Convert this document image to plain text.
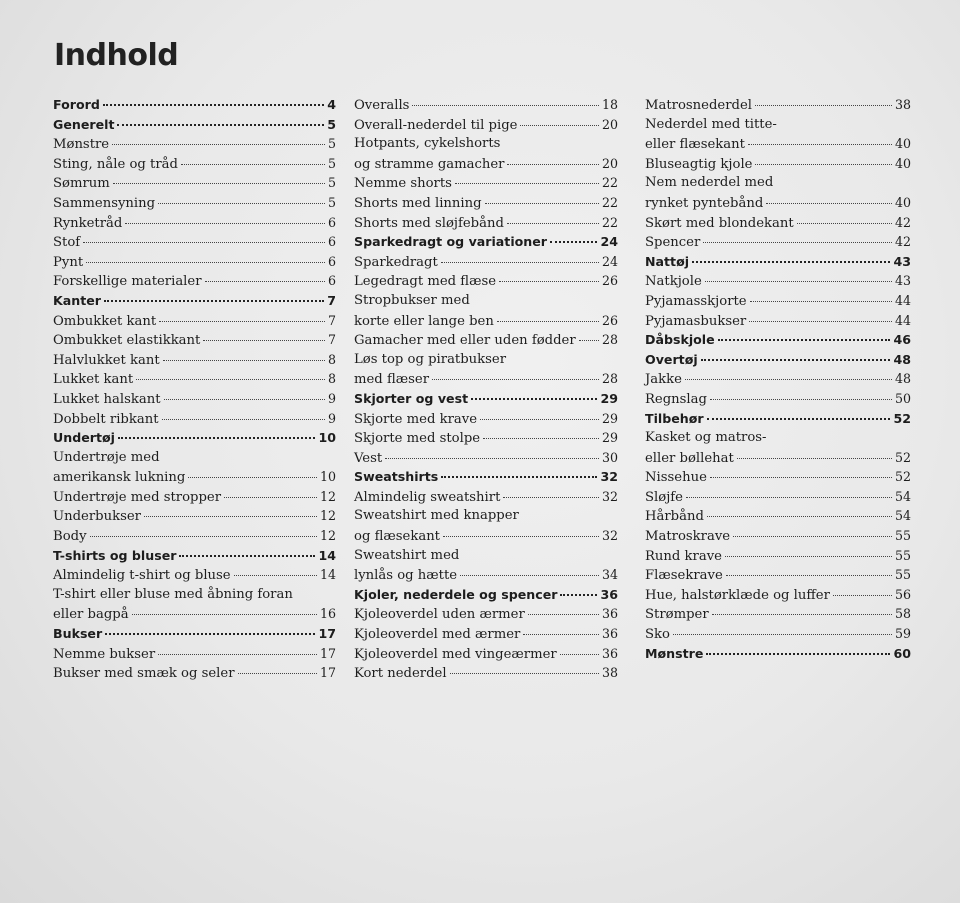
Indhold
Forord	4
Generelt	5
Mønstre	5
Sting, nåle og tråd	5
Sømrum	5
Sammensyning	5
Rynketråd	6
Stof	6
Pynt	6
Forskellige materialer	6
Kanter	7
Ombukket kant	7
Ombukket elastikkant	7
Halvlukket kant	8
Lukket kant	8
Lukket halskant	9
Dobbelt ribkant	9
Undertøj	10
Undertrøje med
amerikansk lukning	10
Undertrøje med stropper	12
Underbukser	12
Body	12
T-shirts og bluser	14
Almindelig t-shirt og bluse	14
T-shirt eller bluse med åbning foran
eller bagpå	16
Bukser	17
Nemme bukser	17
Bukser med smæk og seler	17
Overalls	18
Overall-nederdel til pige	20
Hotpants, cykelshorts
og stramme gamacher	20
Nemme shorts	22
Shorts med linning	22
Shorts med sløjfebånd	22
Sparkedragt og variationer	24
Sparkedragt	24
Legedragt med flæse	26
Stropbukser med
korte eller lange ben	26
Gamacher med eller uden fødder 28
Løs top og piratbukser
med flæser	28
Skjorter og vest	29
Skjorte med krave	29
Skjorte med stolpe	29
Vest	30
Sweatshirts	32
Almindelig sweatshirt	32
Sweatshirt med knapper
og flæsekant	32
Sweatshirt med
lynlås og hætte	34
Kjoler, nederdele og spencer	36
Kjoleoverdel uden ærmer	36
Kjoleoverdel med ærmer	36
Kjoleoverdel med vingeærmer	36
Kort nederdel	38
Matrosnederdel	38
Nederdel med titte-
eller flæsekant	40
Bluseagtig kjole	40
Nem nederdel med
rynket pyntebånd	40
Skørt med blondekant	42
Spencer	42
Nattøj	43
Natkjole	43
Pyjamasskjorte	44
Pyjamasbukser	44
Dåbskjole	46
Overtøj	48
Jakke	48
Regnslag	50
Tilbehør	52
Kasket og matros-
eller bøllehat	52
Nissehue	52
Sløjfe	54
Hårbånd	54
Matroskrave	55
Rund krave	55
Flæsekrave	55
Hue, halstørklæde og luffer	56
Strømper	58
Sko	59
Mønstre	60
